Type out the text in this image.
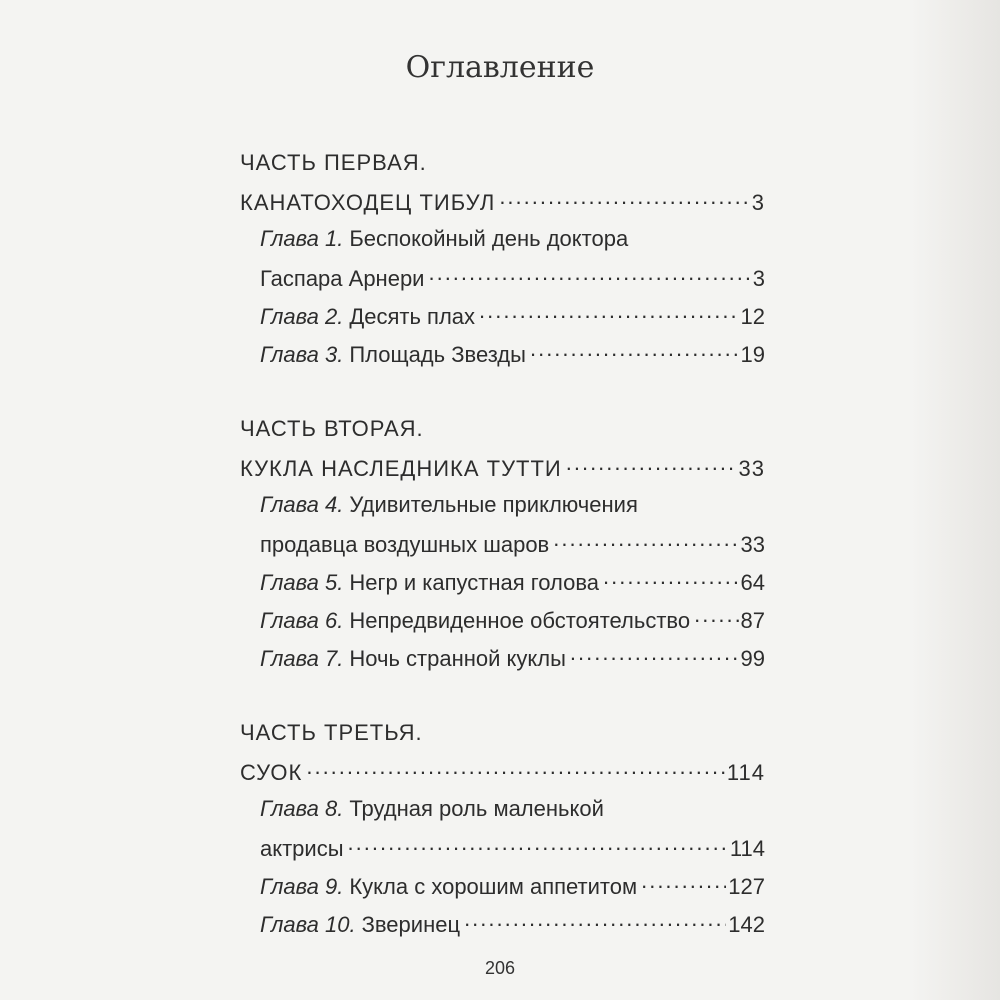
Оглавление
ЧАСТЬ ПЕРВАЯ.
КАНАТОХОДЕЦ ТИБУЛ .....	3
Глава 1. Беспокойный день доктора
Гаспара Арнери .....	3
Глава 2. Десять плах .....	12
Глава 3. Площадь Звезды .....	19
ЧАСТЬ ВТОРАЯ.
КУКЛА НАСЛЕДНИКА ТУТТИ .....	33
Глава 4. Удивительные приключения
продавца воздушных шаров .....	33
Глава 5. Негр и капустная голова .....	64
Глава 6. Непредвиденное обстоятельство ..... 87
Глава 7. Ночь странной куклы .....	99
ЧАСТЬ ТРЕТЬЯ.
СУОК .....	114
Глава 8. Трудная роль маленькой
актрисы .....	114
Глава 9. Кукла с хорошим аппетитом .....	127
Глава 10. Зверинец .....	142
206
